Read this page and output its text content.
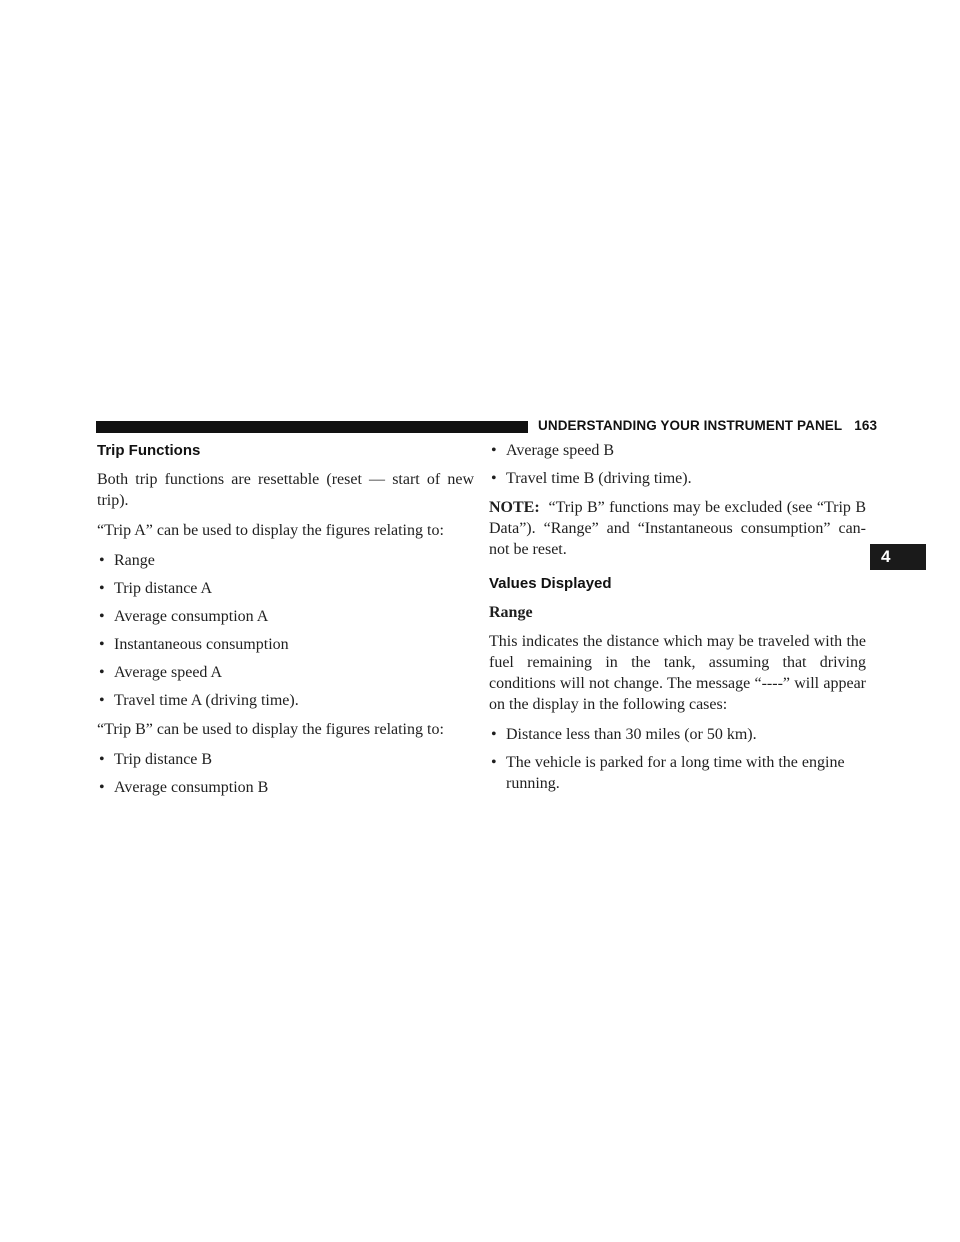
UNDERSTANDING YOUR INSTRUMENT PANEL 163
4
Trip Functions

Both trip functions are resettable (reset — start of new trip).

“Trip A” can be used to display the figures relating to:

• Range
• Trip distance A
• Average consumption A
• Instantaneous consumption
• Average speed A
• Travel time A (driving time).

“Trip B” can be used to display the figures relating to:

• Trip distance B
• Average consumption B
• Average speed B
• Travel time B (driving time).

NOTE: “Trip B” functions may be excluded (see “Trip B Data”). “Range” and “Instantaneous consumption” can-not be reset.

Values Displayed

Range

This indicates the distance which may be traveled with the fuel remaining in the tank, assuming that driving conditions will not change. The message “----” will appear on the display in the following cases:

• Distance less than 30 miles (or 50 km).
• The vehicle is parked for a long time with the engine running.
